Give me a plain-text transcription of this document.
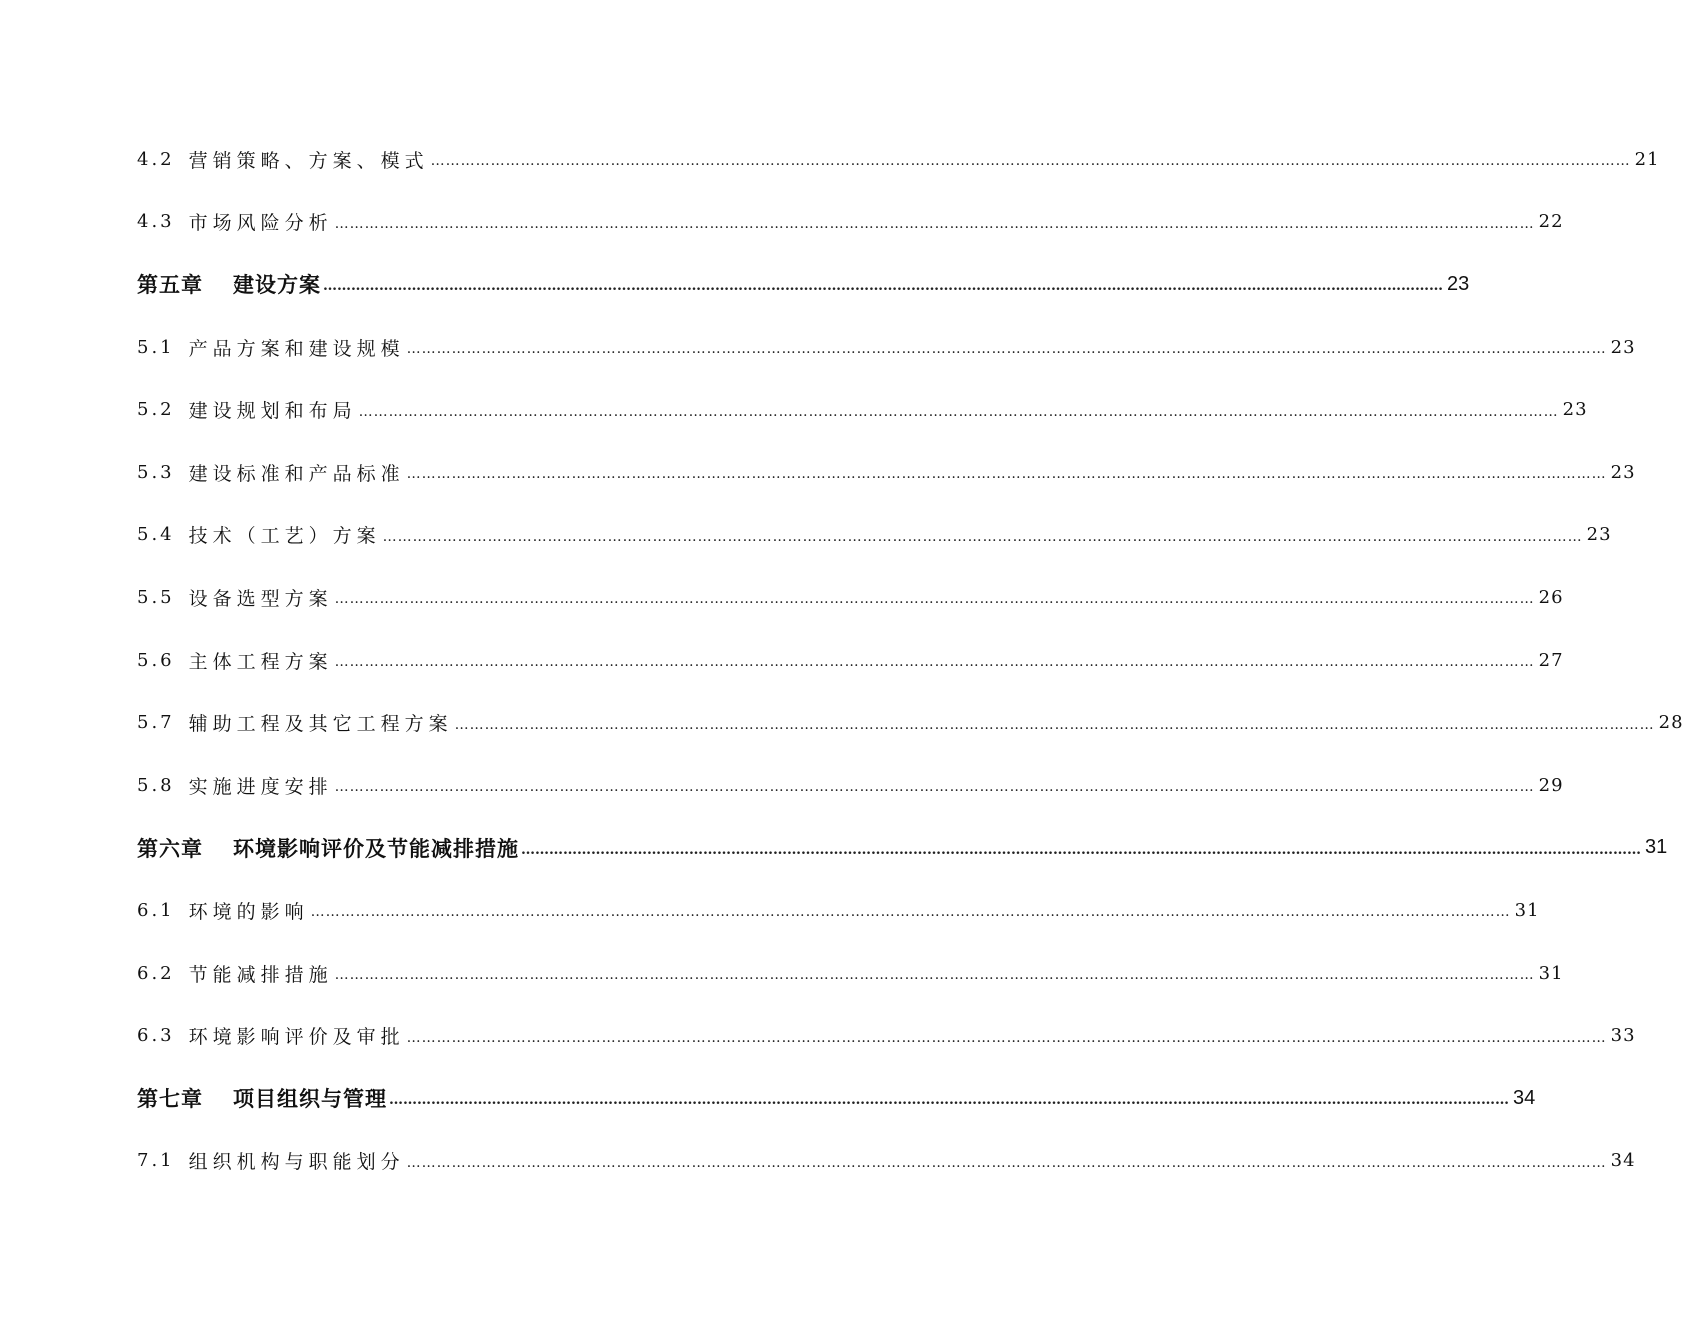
4.2 营销策略、方案、模式 …………………………………………………………………………………………………………………………………………………………………………………………………………………… 21
4.3 市场风险分析 …………………………………………………………………………………………………………………………………………………………………………………………………………………… 22
第五章 建设方案 …………………………………………………………………………………………………………………………………………………………………………………………………………………… 23
5.1 产品方案和建设规模 …………………………………………………………………………………………………………………………………………………………………………………………………………………… 23
5.2 建设规划和布局 …………………………………………………………………………………………………………………………………………………………………………………………………………………… 23
5.3 建设标准和产品标准 …………………………………………………………………………………………………………………………………………………………………………………………………………………… 23
5.4 技术（工艺）方案 …………………………………………………………………………………………………………………………………………………………………………………………………………………… 23
5.5 设备选型方案 …………………………………………………………………………………………………………………………………………………………………………………………………………………… 26
5.6 主体工程方案 …………………………………………………………………………………………………………………………………………………………………………………………………………………… 27
5.7 辅助工程及其它工程方案 …………………………………………………………………………………………………………………………………………………………………………………………………………………… 28
5.8 实施进度安排 …………………………………………………………………………………………………………………………………………………………………………………………………………………… 29
第六章 环境影响评价及节能减排措施 …………………………………………………………………………………………………………………………………………………………………………………………………………………… 31
6.1 环境的影响 …………………………………………………………………………………………………………………………………………………………………………………………………………………… 31
6.2 节能减排措施 …………………………………………………………………………………………………………………………………………………………………………………………………………………… 31
6.3 环境影响评价及审批 …………………………………………………………………………………………………………………………………………………………………………………………………………………… 33
第七章 项目组织与管理 …………………………………………………………………………………………………………………………………………………………………………………………………………………… 34
7.1 组织机构与职能划分 …………………………………………………………………………………………………………………………………………………………………………………………………………………… 34
